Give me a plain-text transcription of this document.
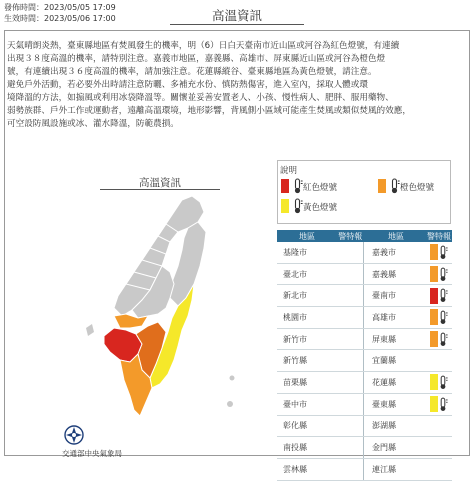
發佈時間：2023/05/05 17:09
生效時間：2023/05/06 17:00	高溫資訊

天氣晴朗炎熱，臺東縣地區有焚風發生的機率，明（6）日白天臺南市近山區或河谷為紅色燈號，有連續

出現３８度高溫的機率，請特別注意。嘉義市地區，嘉義縣、高雄市、屏東縣近山區或河谷為橙色燈

號，有連續出現３６度高溫的機率，請加強注意。花蓮縣縱谷、臺東縣地區為黃色燈號，請注意。

避免戶外活動，若必要外出時請注意防曬、多補充水份、慎防熱傷害，進入室內，採取人體或環

境降溫的方法，如搧風或利用冰袋降溫等。關懷並妥善安置老人、小孩、慢性病人、肥胖、服用藥物、

弱勢族群、戶外工作或運動者，遠離高溫環境，地形影響，背風側小區域可能產生焚風或類似焚風的效應，

可空設防風設施或冰、灌水降溫，防範農損。

高溫資訊
說明
紅色燈號	橙色燈號
黃色燈號
地區	警特報		地區	警特報
基隆市			嘉義市	
臺北市			嘉義縣	
新北市			臺南市	
桃園市			高雄市	
新竹市			屏東縣	
新竹縣			宜蘭縣	
苗栗縣			花蓮縣	
臺中市			臺東縣	
彰化縣			澎湖縣	
南投縣			金門縣	
雲林縣			連江縣	
交通部中央氣象局
